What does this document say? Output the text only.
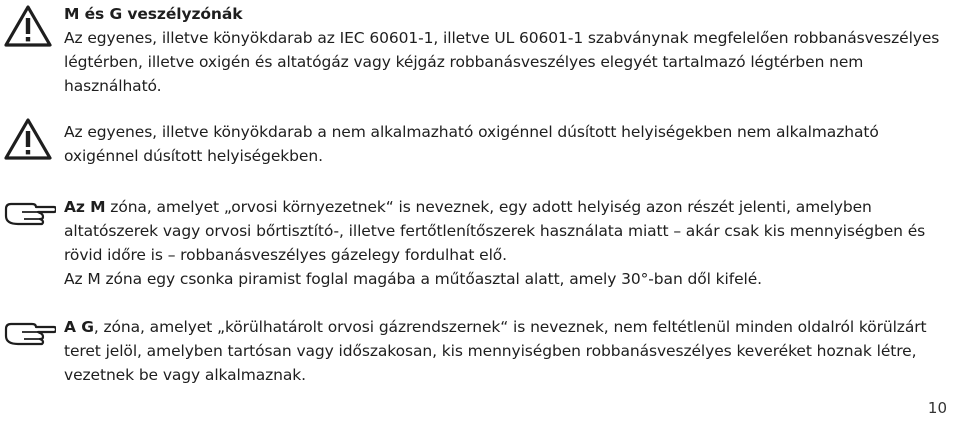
M és G veszélyzónák
Az egyenes, illetve könyökdarab az IEC 60601-1, illetve UL 60601-1 szabványnak megfelelően robbanásveszélyes légtérben, illetve oxigén és altatógáz vagy kéjgáz robbanásveszélyes elegyét tartalmazó légtérben nem használható.
Az egyenes, illetve könyökdarab a nem alkalmazható oxigénnel dúsított helyiségekben nem alkalmazható oxigénnel dúsított helyiségekben.
Az M zóna, amelyet „orvosi környezetnek“ is neveznek, egy adott helyiség azon részét jelenti, amelyben altatószerek vagy orvosi bőrtisztító-, illetve fertőtlenítőszerek használata miatt – akár csak kis mennyiségben és rövid időre is – robbanásveszélyes gázelegy fordulhat elő.
Az M zóna egy csonka piramist foglal magába a műtőasztal alatt, amely 30°-ban dől kifelé.
A G, zóna, amelyet „körülhatárolt orvosi gázrendszernek“ is neveznek, nem feltétlenül minden oldalról körülzárt teret jelöl, amelyben tartósan vagy időszakosan, kis mennyiségben robbanásveszélyes keveréket hoznak létre, vezetnek be vagy alkalmaznak.
10
